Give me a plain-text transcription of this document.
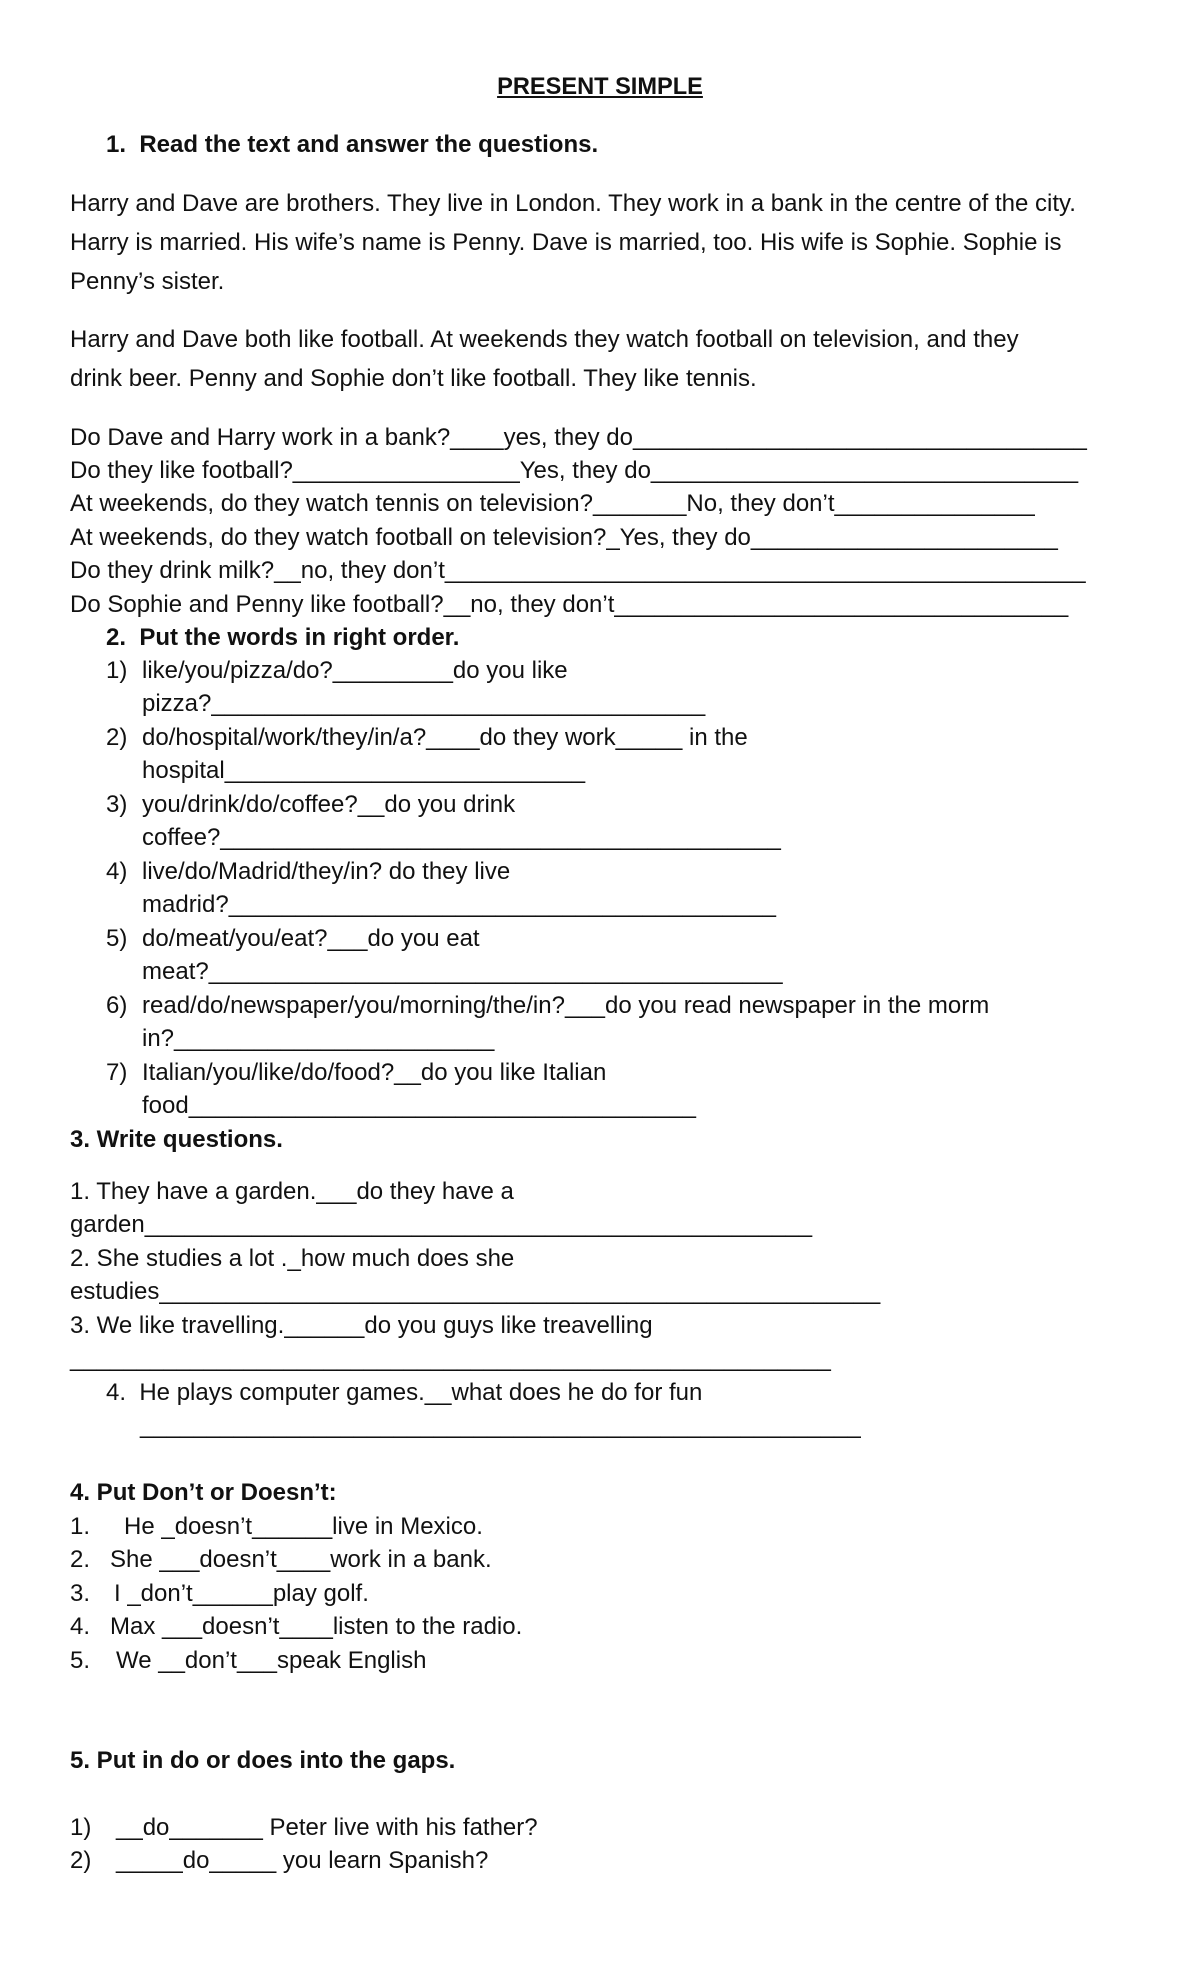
PRESENT SIMPLE
1.  Read the text and answer the questions.
Harry and Dave are brothers. They live in London. They work in a bank in the centre of the city.
Harry is married. His wife’s name is Penny. Dave is married, too. His wife is Sophie. Sophie is
Penny’s sister.
Harry and Dave both like football. At weekends they watch football on television, and they
drink beer. Penny and Sophie don’t like football. They like tennis.
Do Dave and Harry work in a bank?____yes, they do__________________________________
Do they like football?_________________Yes, they do________________________________
At weekends, do they watch tennis on television?_______No, they don’t_______________
At weekends, do they watch football on television?_Yes, they do_______________________
Do they drink milk?__no, they don’t________________________________________________
Do Sophie and Penny like football?__no, they don’t__________________________________
2.  Put the words in right order.
1) like/you/pizza/do?_________do you like
pizza?_____________________________________
2) do/hospital/work/they/in/a?____do they work_____ in the
hospital___________________________
3) you/drink/do/coffee?__do you drink
coffee?__________________________________________
4) live/do/Madrid/they/in? do they live
madrid?_________________________________________
5) do/meat/you/eat?___do you eat
meat?___________________________________________
6) read/do/newspaper/you/morning/the/in?___do you read newspaper in the morm
in?________________________
7) Italian/you/like/do/food?__do you like Italian
food______________________________________
3. Write questions.
1. They have a garden.___do they have a
garden__________________________________________________
2. She studies a lot ._how much does she
estudies______________________________________________________
3. We like travelling.______do you guys like treavelling
_________________________________________________________
4.  He plays computer games.__what does he do for fun
______________________________________________________
4. Put Don’t or Doesn’t:
1. He _doesn’t______live in Mexico.
2. She ___doesn’t____work in a bank.
3. I _don’t______play golf.
4. Max ___doesn’t____listen to the radio.
5. We __don’t___speak English
5. Put in do or does into the gaps.
1) __do_______ Peter live with his father?
2) _____do_____ you learn Spanish?
